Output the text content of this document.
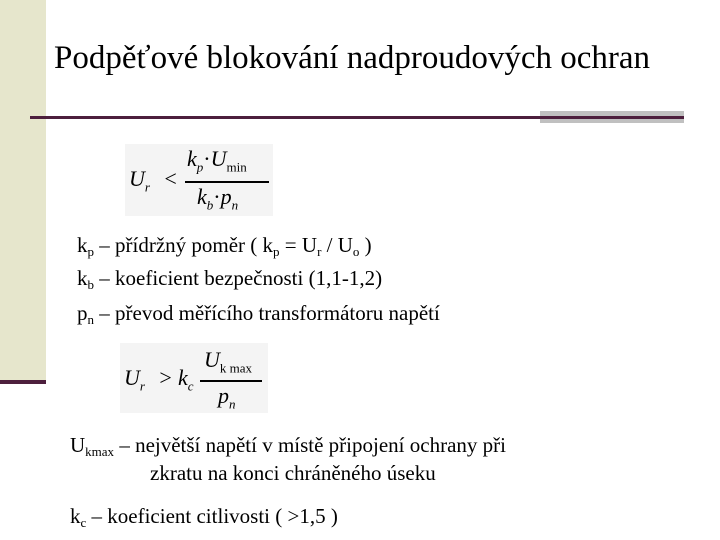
Podpěťové blokování nadproudových ochran
$U_r$ <
$k_p\cdot U_{min}$
$k_b\cdot p_n$
$k_p$ – přídržný poměr ( $k_p = U_r / U_o$ )
$k_b$ – koeficient bezpečnosti (1,1-1,2)
$p_n$ – převod měřícího transformátoru napětí
$U_r > k_c$
$U_{k max}$
$p_n$
$U_{kmax}$ – největší napětí v místě připojení ochrany při
zkratu na konci chráněného úseku
$k_c$ – koeficient citlivosti ( >1,5 )
